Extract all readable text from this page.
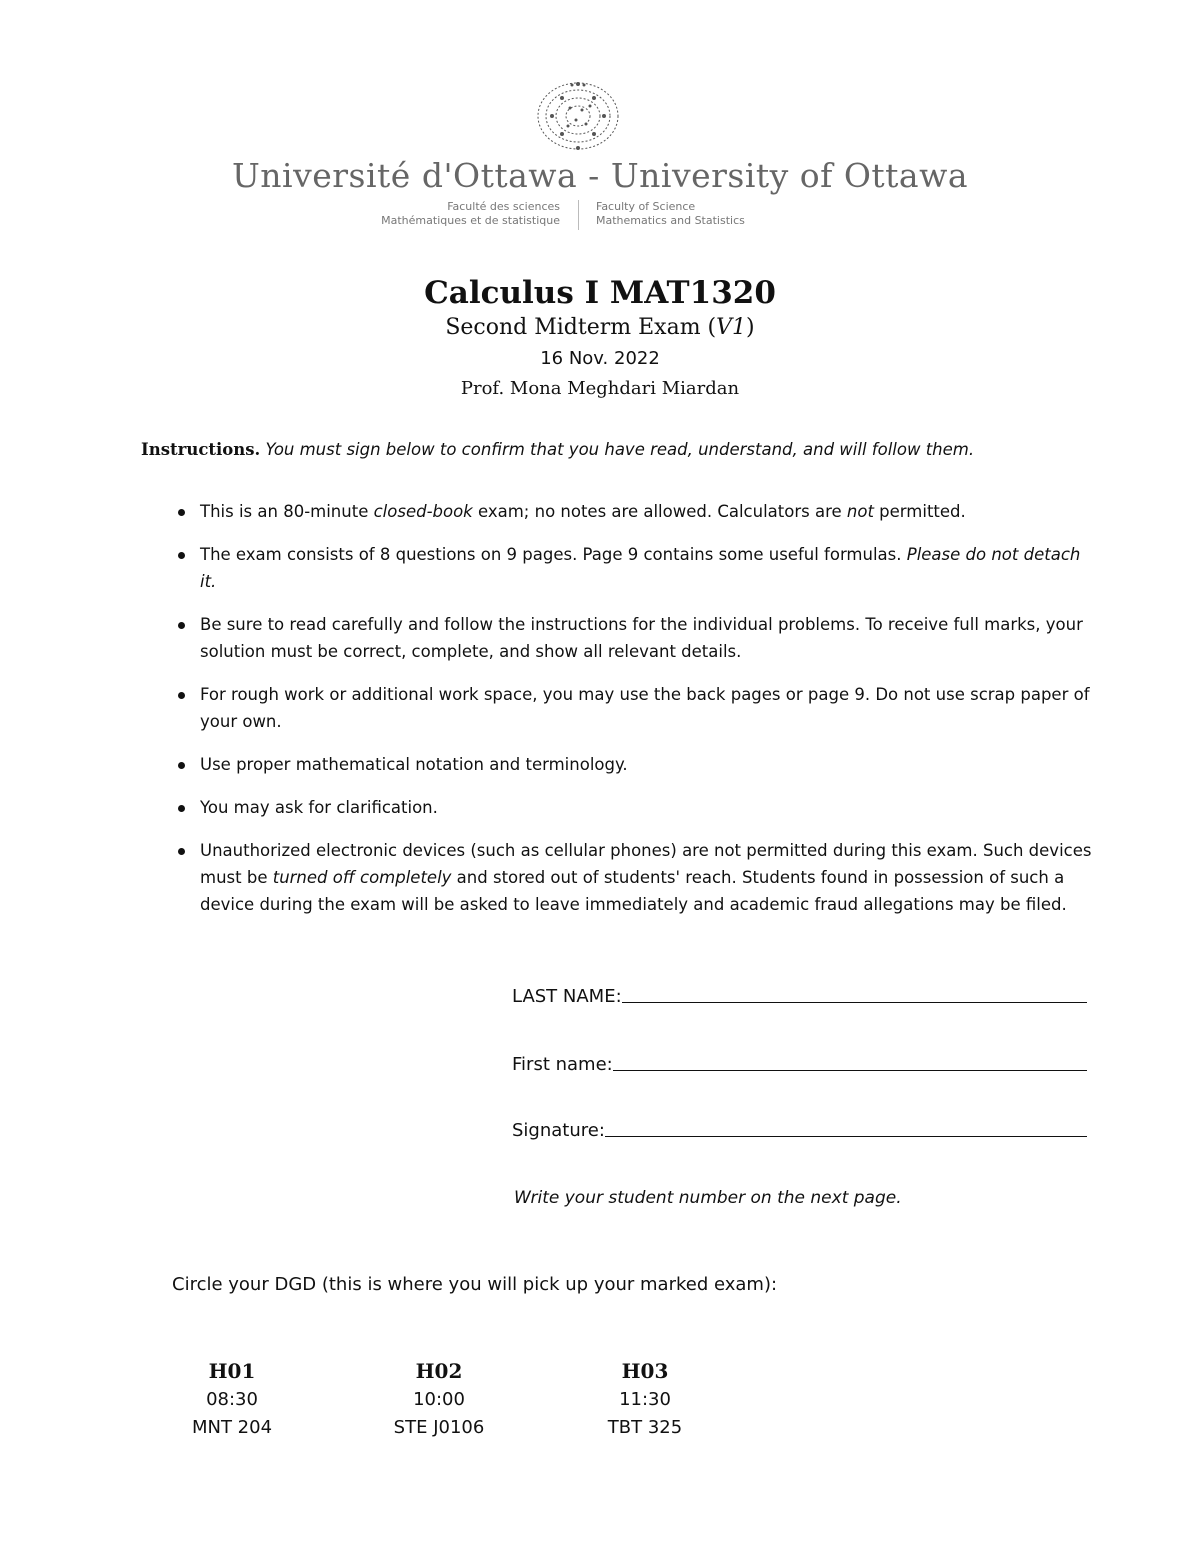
Université d'Ottawa - University of Ottawa
Faculté des sciences
Mathématiques et de statistique
Faculty of Science
Mathematics and Statistics
Calculus I MAT1320
Second Midterm Exam (V1)
16 Nov. 2022
Prof. Mona Meghdari Miardan
Instructions. You must sign below to confirm that you have read, understand, and will follow them.
This is an 80-minute closed-book exam; no notes are allowed. Calculators are not permitted.
The exam consists of 8 questions on 9 pages. Page 9 contains some useful formulas. Please do not detach it.
Be sure to read carefully and follow the instructions for the individual problems. To receive full marks, your solution must be correct, complete, and show all relevant details.
For rough work or additional work space, you may use the back pages or page 9. Do not use scrap paper of your own.
Use proper mathematical notation and terminology.
You may ask for clarification.
Unauthorized electronic devices (such as cellular phones) are not permitted during this exam. Such devices must be turned off completely and stored out of students' reach. Students found in possession of such a device during the exam will be asked to leave immediately and academic fraud allegations may be filed.
LAST NAME:
First name:
Signature:
Write your student number on the next page.
Circle your DGD (this is where you will pick up your marked exam):
H01
08:30
MNT 204
H02
10:00
STE J0106
H03
11:30
TBT 325
